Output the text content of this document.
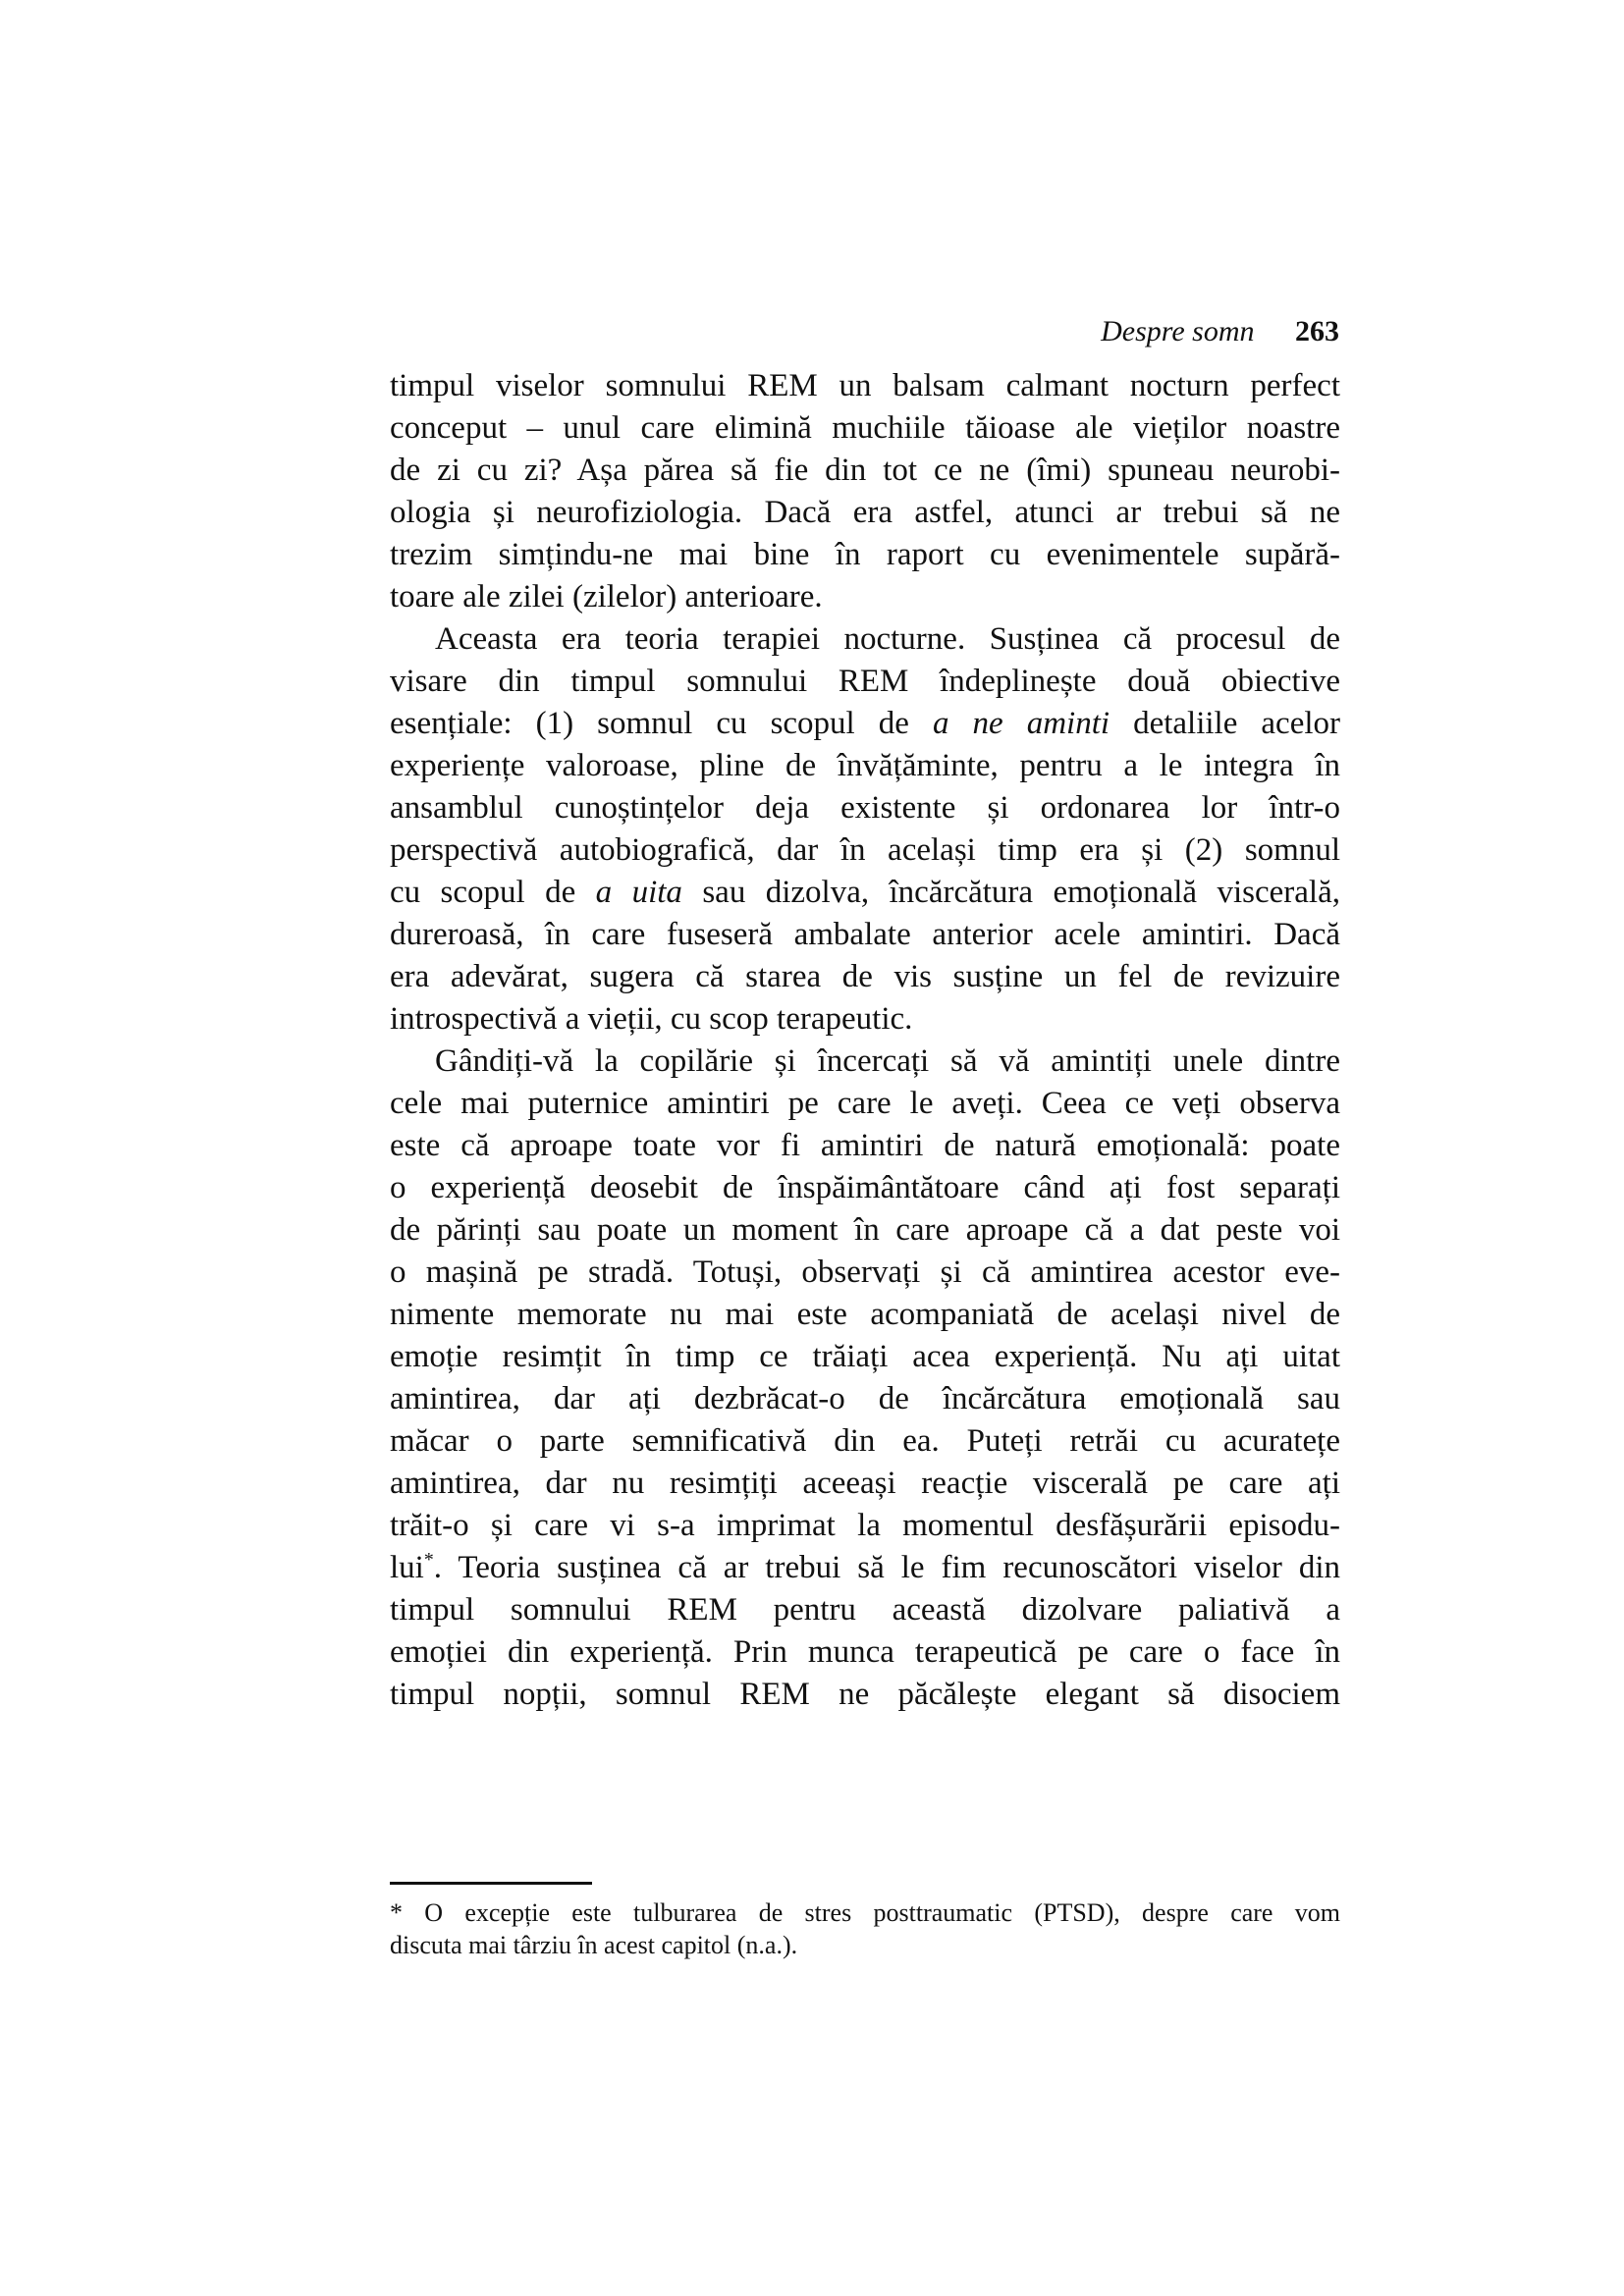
Despre somn 263
timpul viselor somnului REM un balsam calmant nocturn perfect
conceput – unul care elimină muchiile tăioase ale vieților noastre
de zi cu zi? Așa părea să fie din tot ce ne (îmi) spuneau neurobi-
ologia și neurofiziologia. Dacă era astfel, atunci ar trebui să ne
trezim simțindu-ne mai bine în raport cu evenimentele supără-
toare ale zilei (zilelor) anterioare.
Aceasta era teoria terapiei nocturne. Susținea că procesul de
visare din timpul somnului REM îndeplinește două obiective
esențiale: (1) somnul cu scopul de a ne aminti detaliile acelor
experiențe valoroase, pline de învățăminte, pentru a le integra în
ansamblul cunoștințelor deja existente și ordonarea lor într-o
perspectivă autobiografică, dar în același timp era și (2) somnul
cu scopul de a uita sau dizolva, încărcătura emoțională viscerală,
dureroasă, în care fuseseră ambalate anterior acele amintiri. Dacă
era adevărat, sugera că starea de vis susține un fel de revizuire
introspectivă a vieții, cu scop terapeutic.
Gândiți-vă la copilărie și încercați să vă amintiți unele dintre
cele mai puternice amintiri pe care le aveți. Ceea ce veți observa
este că aproape toate vor fi amintiri de natură emoțională: poate
o experiență deosebit de înspăimântătoare când ați fost separați
de părinți sau poate un moment în care aproape că a dat peste voi
o mașină pe stradă. Totuși, observați și că amintirea acestor eve-
nimente memorate nu mai este acompaniată de același nivel de
emoție resimțit în timp ce trăiați acea experiență. Nu ați uitat
amintirea, dar ați dezbrăcat-o de încărcătura emoțională sau
măcar o parte semnificativă din ea. Puteți retrăi cu acuratețe
amintirea, dar nu resimțiți aceeași reacție viscerală pe care ați
trăit-o și care vi s-a imprimat la momentul desfășurării episodu-
lui*. Teoria susținea că ar trebui să le fim recunoscători viselor din
timpul somnului REM pentru această dizolvare paliativă a
emoției din experiență. Prin munca terapeutică pe care o face în
timpul nopții, somnul REM ne păcălește elegant să disociem
* O excepție este tulburarea de stres posttraumatic (PTSD), despre care vom
discuta mai târziu în acest capitol (n.a.).
